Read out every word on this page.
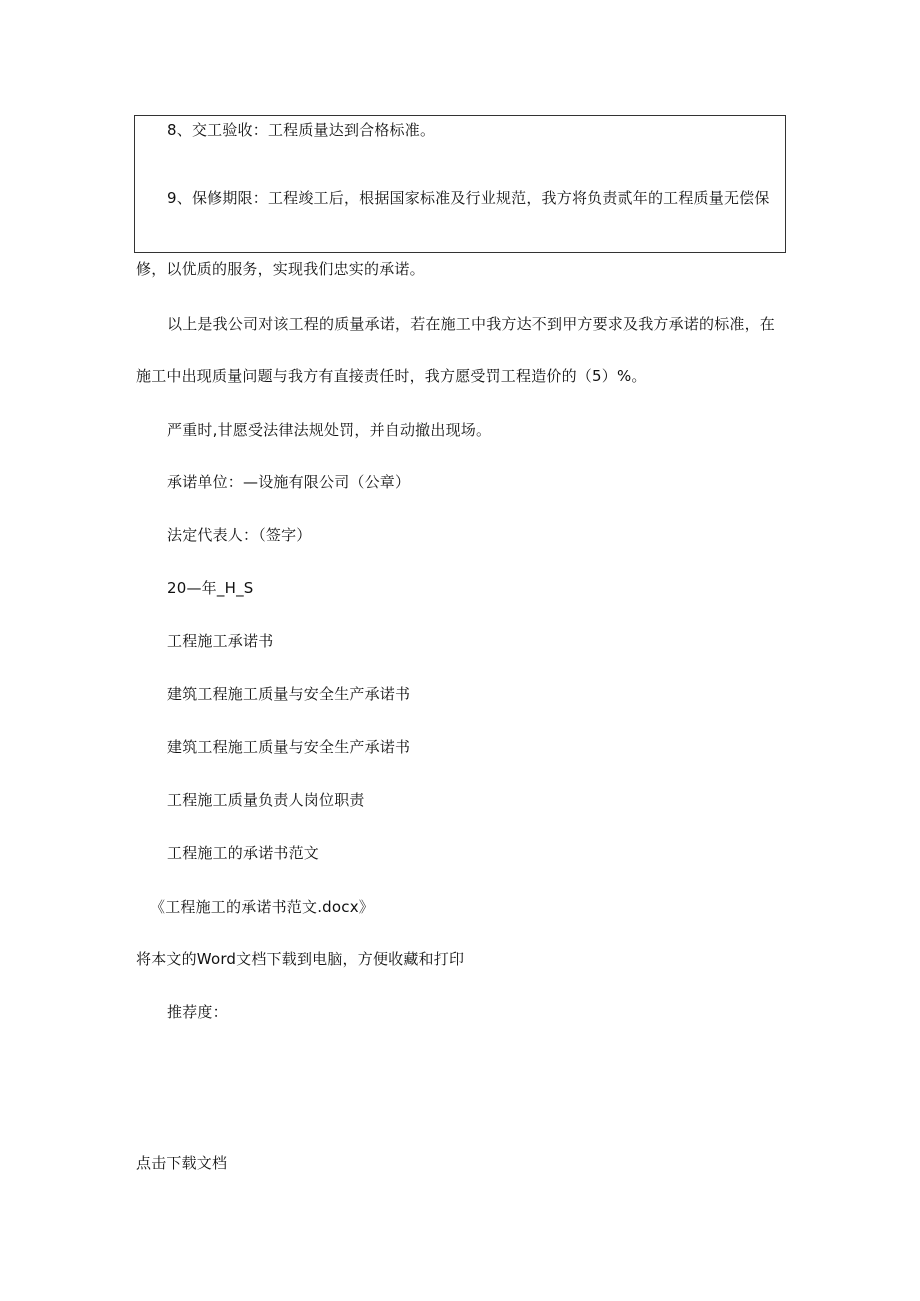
8、交工验收：工程质量达到合格标准。
9、保修期限：工程竣工后，根据国家标准及行业规范，我方将负责贰年的工程质量无偿保
修，以优质的服务，实现我们忠实的承诺。
以上是我公司对该工程的质量承诺，若在施工中我方达不到甲方要求及我方承诺的标准，在
施工中出现质量问题与我方有直接责任时，我方愿受罚工程造价的（5）%。
严重时,甘愿受法律法规处罚，并自动撤出现场。
承诺单位：—设施有限公司（公章）
法定代表人：（签字）
20—年_H_S
工程施工承诺书
建筑工程施工质量与安全生产承诺书
建筑工程施工质量与安全生产承诺书
工程施工质量负责人岗位职责
工程施工的承诺书范文
《工程施工的承诺书范文.docx》
将本文的Word文档下载到电脑，方便收藏和打印
推荐度：
点击下载文档
